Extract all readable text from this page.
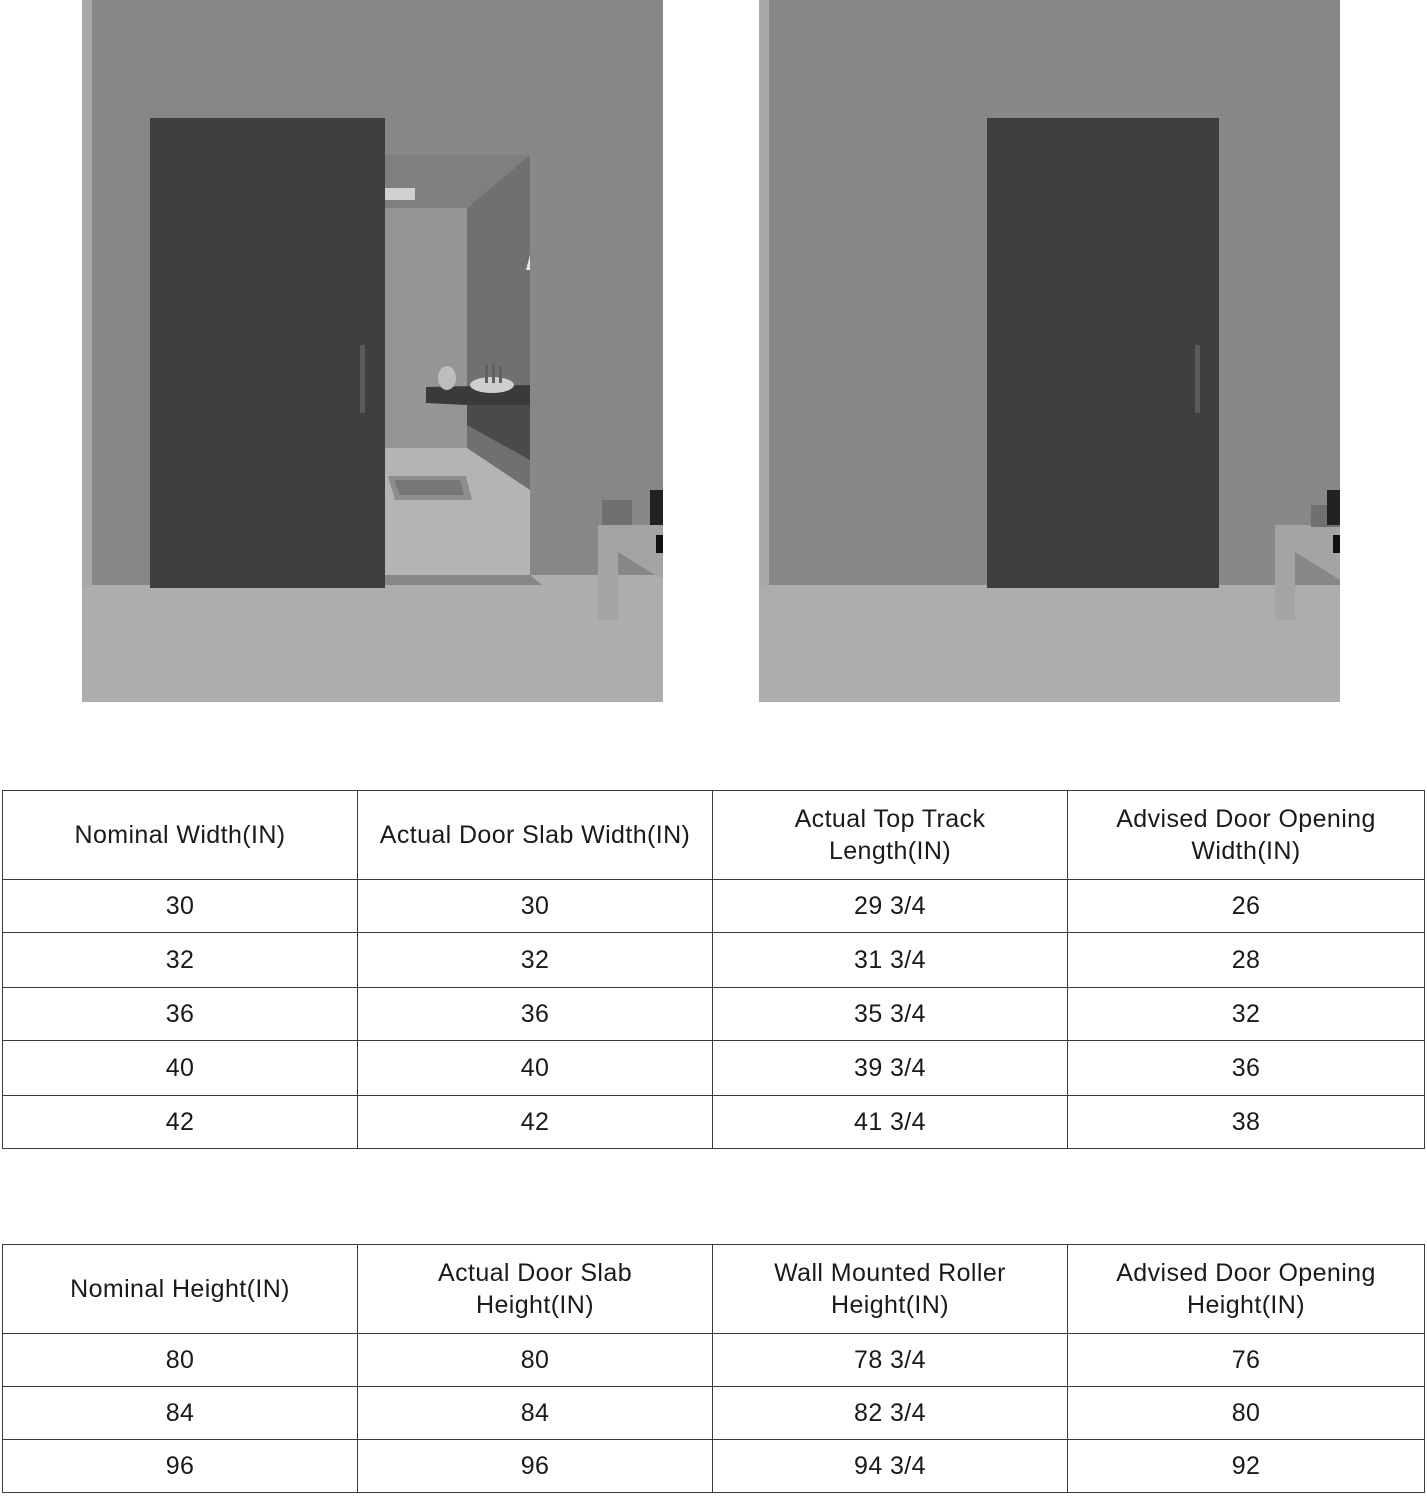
Nominal Width(IN)	Actual Door Slab Width(IN)	Actual Top Track Length(IN)	Advised Door Opening Width(IN)
30	30	29 3/4	26
32	32	31 3/4	28
36	36	35 3/4	32
40	40	39 3/4	36
42	42	41 3/4	38
Nominal Height(IN)	Actual Door Slab Height(IN)	Wall Mounted Roller Height(IN)	Advised Door Opening Height(IN)
80	80	78 3/4	76
84	84	82 3/4	80
96	96	94 3/4	92
